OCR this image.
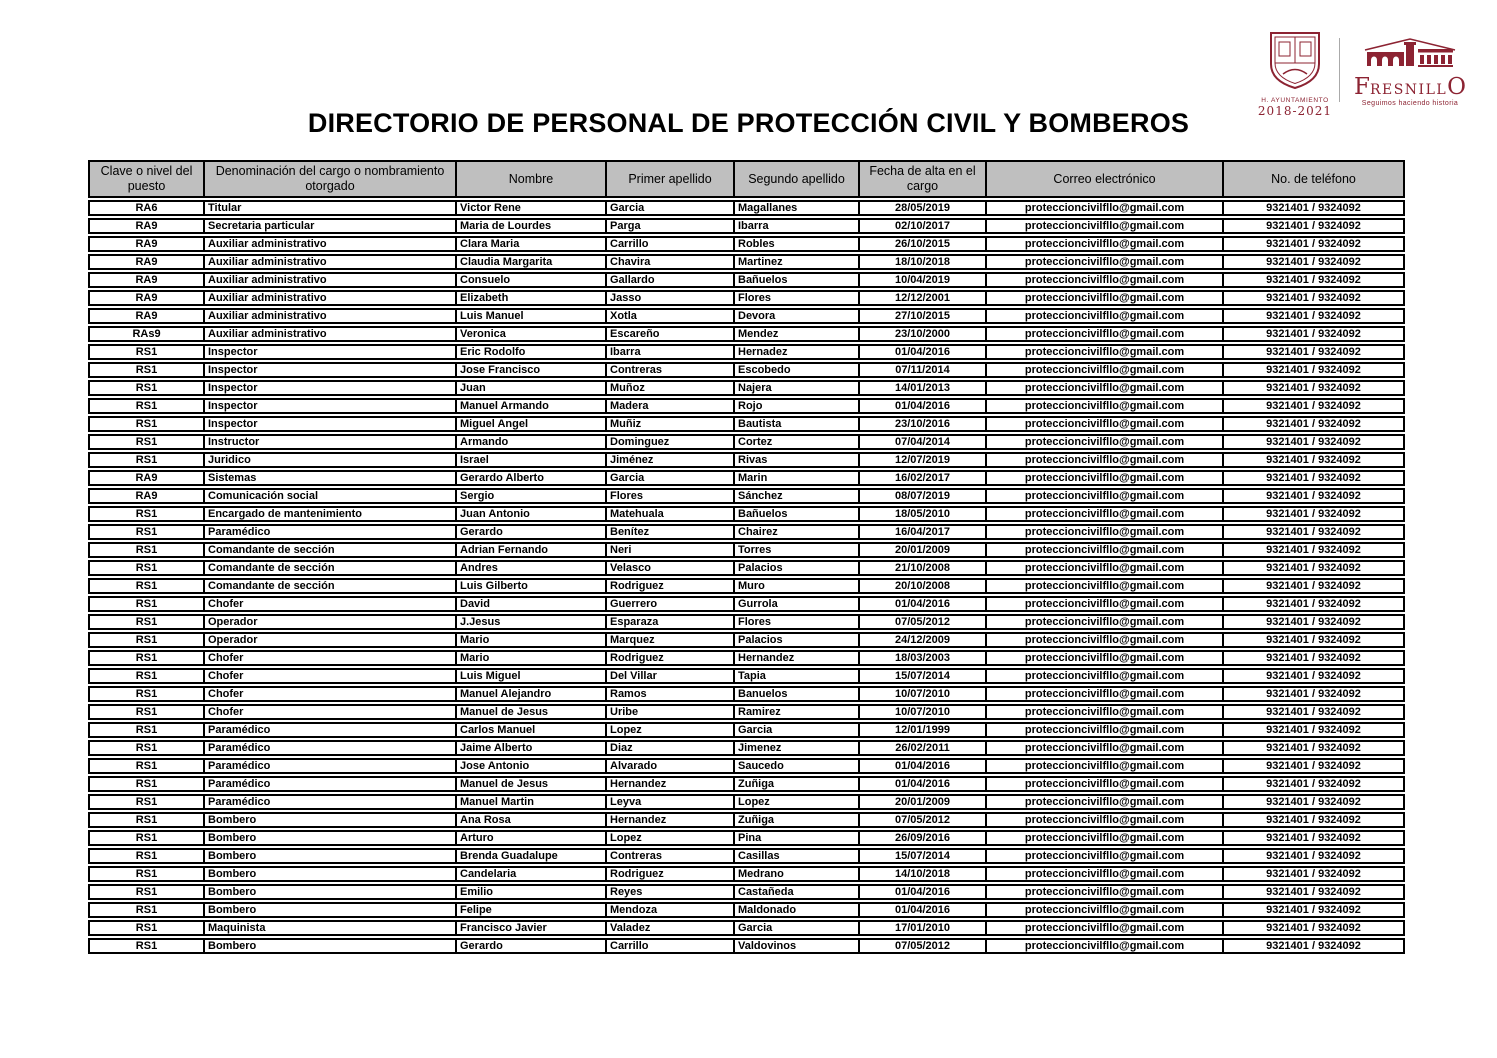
H. AYUNTAMIENTO
2018-2021
FRESNILLO
Seguimos haciendo historia
DIRECTORIO DE PERSONAL DE PROTECCIÓN CIVIL Y BOMBEROS
Clave o nivel del puesto	Denominación del cargo o nombramiento otorgado	Nombre	Primer apellido	Segundo apellido	Fecha de alta en el cargo	Correo electrónico	No. de teléfono
RA6	Titular	Victor Rene	Garcia	Magallanes	28/05/2019	proteccioncivilfllo@gmail.com	9321401 / 9324092
RA9	Secretaria particular	Maria de Lourdes	Parga	Ibarra	02/10/2017	proteccioncivilfllo@gmail.com	9321401 / 9324092
RA9	Auxiliar administrativo	Clara Maria	Carrillo	Robles	26/10/2015	proteccioncivilfllo@gmail.com	9321401 / 9324092
RA9	Auxiliar administrativo	Claudia Margarita	Chavira	Martinez	18/10/2018	proteccioncivilfllo@gmail.com	9321401 / 9324092
RA9	Auxiliar administrativo	Consuelo	Gallardo	Bañuelos	10/04/2019	proteccioncivilfllo@gmail.com	9321401 / 9324092
RA9	Auxiliar administrativo	Elizabeth	Jasso	Flores	12/12/2001	proteccioncivilfllo@gmail.com	9321401 / 9324092
RA9	Auxiliar administrativo	Luis Manuel	Xotla	Devora	27/10/2015	proteccioncivilfllo@gmail.com	9321401 / 9324092
RAs9	Auxiliar administrativo	Veronica	Escareño	Mendez	23/10/2000	proteccioncivilfllo@gmail.com	9321401 / 9324092
RS1	Inspector	Eric Rodolfo	Ibarra	Hernadez	01/04/2016	proteccioncivilfllo@gmail.com	9321401 / 9324092
RS1	Inspector	Jose Francisco	Contreras	Escobedo	07/11/2014	proteccioncivilfllo@gmail.com	9321401 / 9324092
RS1	Inspector	Juan	Muñoz	Najera	14/01/2013	proteccioncivilfllo@gmail.com	9321401 / 9324092
RS1	Inspector	Manuel Armando	Madera	Rojo	01/04/2016	proteccioncivilfllo@gmail.com	9321401 / 9324092
RS1	Inspector	Miguel Angel	Muñiz	Bautista	23/10/2016	proteccioncivilfllo@gmail.com	9321401 / 9324092
RS1	Instructor	Armando	Dominguez	Cortez	07/04/2014	proteccioncivilfllo@gmail.com	9321401 / 9324092
RS1	Juridico	Israel	Jiménez	Rivas	12/07/2019	proteccioncivilfllo@gmail.com	9321401 / 9324092
RA9	Sistemas	Gerardo Alberto	Garcia	Marin	16/02/2017	proteccioncivilfllo@gmail.com	9321401 / 9324092
RA9	Comunicación social	Sergio	Flores	Sánchez	08/07/2019	proteccioncivilfllo@gmail.com	9321401 / 9324092
RS1	Encargado de mantenimiento	Juan Antonio	Matehuala	Bañuelos	18/05/2010	proteccioncivilfllo@gmail.com	9321401 / 9324092
RS1	Paramédico	Gerardo	Benítez	Chairez	16/04/2017	proteccioncivilfllo@gmail.com	9321401 / 9324092
RS1	Comandante de sección	Adrian Fernando	Neri	Torres	20/01/2009	proteccioncivilfllo@gmail.com	9321401 / 9324092
RS1	Comandante de sección	Andres	Velasco	Palacios	21/10/2008	proteccioncivilfllo@gmail.com	9321401 / 9324092
RS1	Comandante de sección	Luis Gilberto	Rodriguez	Muro	20/10/2008	proteccioncivilfllo@gmail.com	9321401 / 9324092
RS1	Chofer	David	Guerrero	Gurrola	01/04/2016	proteccioncivilfllo@gmail.com	9321401 / 9324092
RS1	Operador	J.Jesus	Esparaza	Flores	07/05/2012	proteccioncivilfllo@gmail.com	9321401 / 9324092
RS1	Operador	Mario	Marquez	Palacios	24/12/2009	proteccioncivilfllo@gmail.com	9321401 / 9324092
RS1	Chofer	Mario	Rodriguez	Hernandez	18/03/2003	proteccioncivilfllo@gmail.com	9321401 / 9324092
RS1	Chofer	Luis Miguel	Del Villar	Tapia	15/07/2014	proteccioncivilfllo@gmail.com	9321401 / 9324092
RS1	Chofer	Manuel Alejandro	Ramos	Banuelos	10/07/2010	proteccioncivilfllo@gmail.com	9321401 / 9324092
RS1	Chofer	Manuel de Jesus	Uribe	Ramirez	10/07/2010	proteccioncivilfllo@gmail.com	9321401 / 9324092
RS1	Paramédico	Carlos Manuel	Lopez	Garcia	12/01/1999	proteccioncivilfllo@gmail.com	9321401 / 9324092
RS1	Paramédico	Jaime Alberto	Diaz	Jimenez	26/02/2011	proteccioncivilfllo@gmail.com	9321401 / 9324092
RS1	Paramédico	Jose Antonio	Alvarado	Saucedo	01/04/2016	proteccioncivilfllo@gmail.com	9321401 / 9324092
RS1	Paramédico	Manuel de Jesus	Hernandez	Zuñiga	01/04/2016	proteccioncivilfllo@gmail.com	9321401 / 9324092
RS1	Paramédico	Manuel Martin	Leyva	Lopez	20/01/2009	proteccioncivilfllo@gmail.com	9321401 / 9324092
RS1	Bombero	Ana Rosa	Hernandez	Zuñiga	07/05/2012	proteccioncivilfllo@gmail.com	9321401 / 9324092
RS1	Bombero	Arturo	Lopez	Pina	26/09/2016	proteccioncivilfllo@gmail.com	9321401 / 9324092
RS1	Bombero	Brenda Guadalupe	Contreras	Casillas	15/07/2014	proteccioncivilfllo@gmail.com	9321401 / 9324092
RS1	Bombero	Candelaria	Rodriguez	Medrano	14/10/2018	proteccioncivilfllo@gmail.com	9321401 / 9324092
RS1	Bombero	Emilio	Reyes	Castañeda	01/04/2016	proteccioncivilfllo@gmail.com	9321401 / 9324092
RS1	Bombero	Felipe	Mendoza	Maldonado	01/04/2016	proteccioncivilfllo@gmail.com	9321401 / 9324092
RS1	Maquinista	Francisco Javier	Valadez	Garcia	17/01/2010	proteccioncivilfllo@gmail.com	9321401 / 9324092
RS1	Bombero	Gerardo	Carrillo	Valdovinos	07/05/2012	proteccioncivilfllo@gmail.com	9321401 / 9324092
